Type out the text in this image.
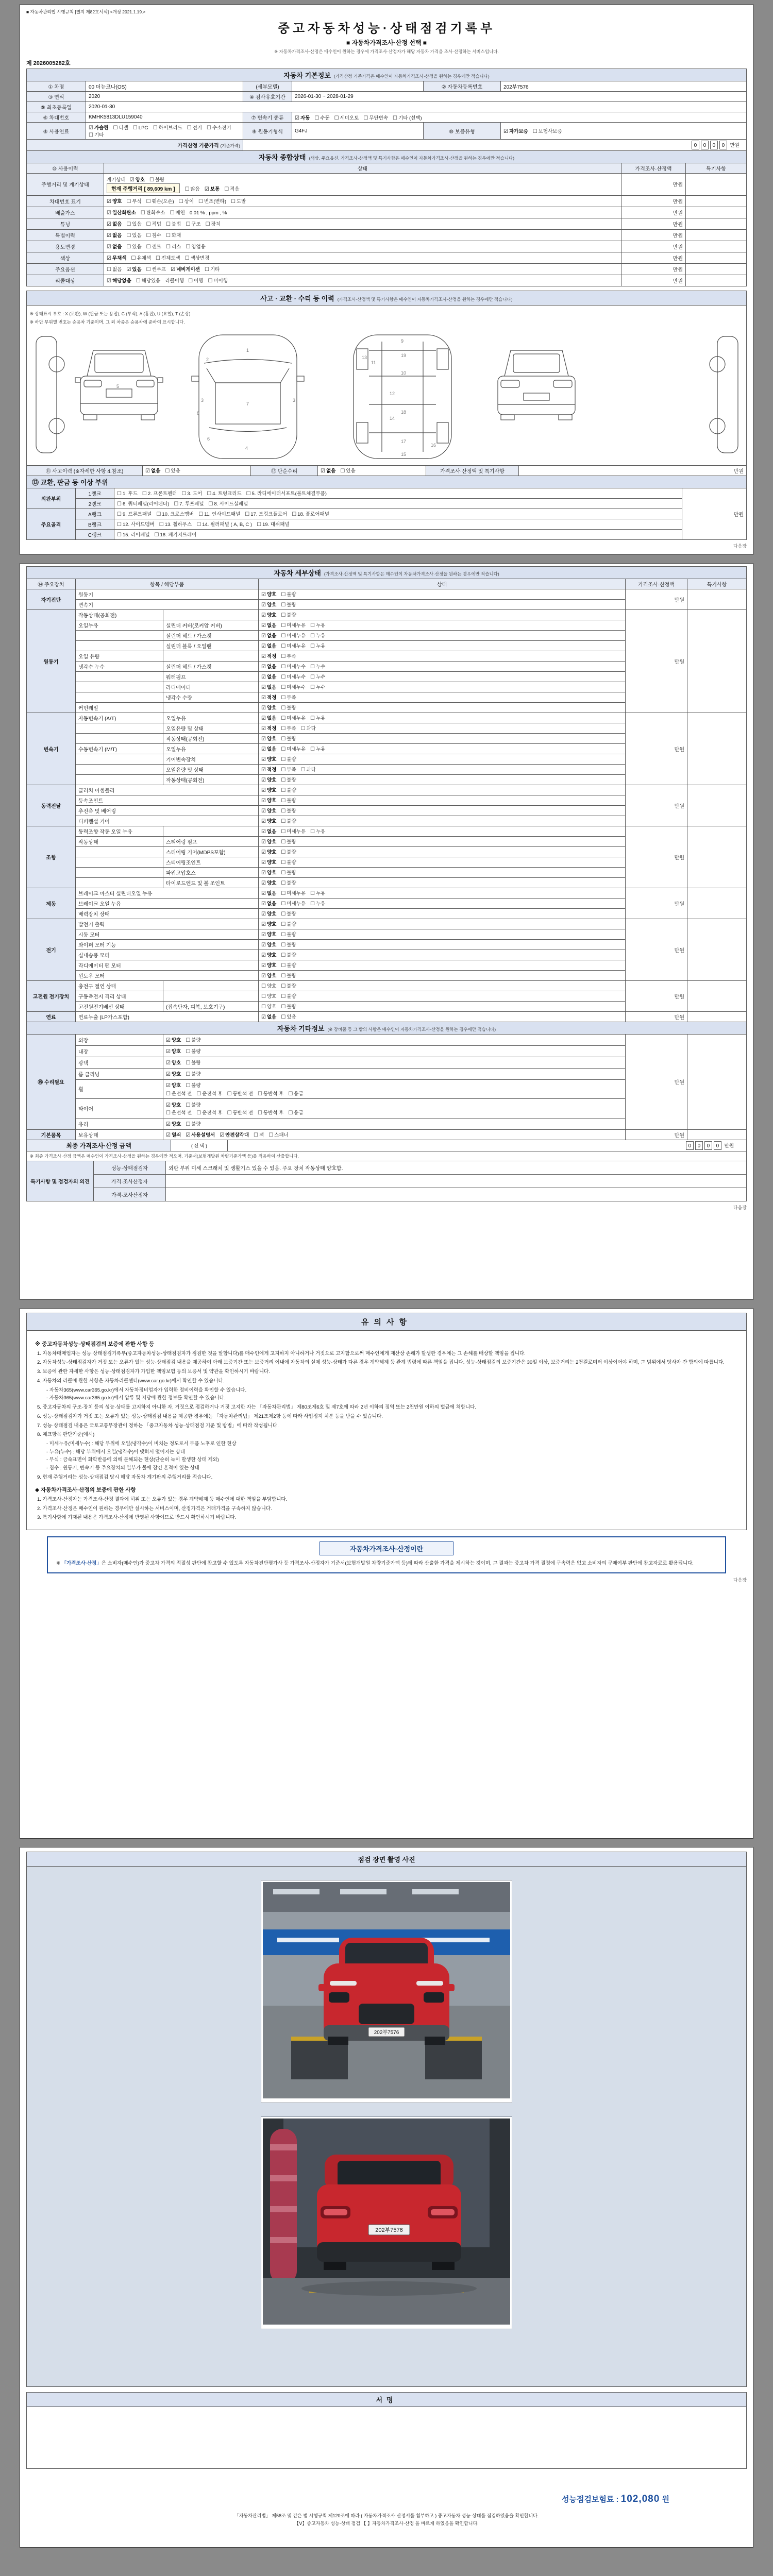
■ 자동차관리법 시행규칙 [별지 제82호서식] <개정 2021.1.19.>
중고자동차성능·상태점검기록부
■ 자동차가격조사·산정 선택 ■
※ 자동차가격조사·산정은 매수인이 원하는 경우에 가격조사·산정자가 해당 자동차 가격을 조사·산정하는 서비스입니다.
제 2026005282호
자동차 기본정보 (가격산정 기준가격은 매수인이 자동차가격조사·산정을 원하는 경우에만 적습니다)					
① 차명	00 더뉴코나(OS)	(세부모델)		② 자동차등록번호	202부7576
③ 연식	2020	④ 검사유효기간	2026-01-30 ~ 2028-01-29		
⑤ 최초등록일	2020-01-30				
⑥ 차대번호	KMHK5813DLU159040	⑦ 변속기 종류	☑ 자동 ☐ 수동 ☐ 세미오토 ☐ 무단변속 ☐ 기타 (선택)		
⑧ 사용연료	☑ 가솔린 ☐ 디젤 ☐ LPG ☐ 하이브리드 ☐ 전기 ☐ 수소전기☐ 기타	⑨ 원동기형식	G4FJ	⑩ 보증유형	☑ 자가보증 ☐ 보험사보증
가격산정 기준가격 (기준가격)		0 0 0 0 만원			
자동차 종합상태 (색상, 주요옵션, 가격조사·산정액 및 특기사항은 매수인이 자동차가격조사·산정을 원하는 경우에만 적습니다)			
⑩ 사용이력	상태	가격조사·산정액	특기사항
주행거리 및 계기상태	계기상태 ☑ 양호 ☐ 불량
현재 주행거리 [ 89,609 km ] ☐ 많음 ☑ 보통 ☐ 적음	만원	
차대번호 표기	☑ 양호 ☐ 부식 ☐ 훼손(오손) ☐ 상이 ☐ 변조(변타) ☐ 도말	만원	
배출가스	☑ 일산화탄소 ☐ 탄화수소 ☐ 매연 0.01 % , ppm , %	만원	
튜닝	☑ 없음 ☐ 있음 ☐ 적법 ☐ 불법 ☐ 구조 ☐ 장치	만원	
특별이력	☑ 없음 ☐ 있음 ☐ 침수 ☐ 화재	만원	
용도변경	☑ 없음 ☐ 있음 ☐ 렌트 ☐ 리스 ☐ 영업용	만원	
색상	☑ 무채색 ☐ 유채색 ☐ 전체도색 ☐ 색상변경	만원	
주요옵션	☐ 없음 ☑ 있음 ☐ 썬루프 ☑ 네비게이션 ☐ 기타	만원	
리콜대상	☑ 해당없음 ☐ 해당있음 리콜이행 ☐ 이행 ☐ 미이행	만원	
사고 · 교환 · 수리 등 이력 (가격조사·산정액 및 특기사항은 매수인이 자동차가격조사·산정을 원하는 경우에만 적습니다)
※ 상태표시 부호 : X (교환), W (판금 또는 용접), C (부식), A (흠집), U (요철), T (손상)
※ 하단 부위별 번호는 승용차 기준이며, 그 외 차종은 승용차에 준하여 표시합니다.
1
2
3	3
4
5
6
7
8
9
10
11
12
13
14
15
16
17
18
19
⑪ 사고이력 (※자세한 사항 4.참조)	☑ 없음 ☐ 있음	⑫ 단순수리	☑ 없음 ☐ 있음	가격조사·산정액 및 특기사항	만원
⑬ 교환, 판금 등 이상 부위			
외판부위	1랭크	☐ 1. 후드 ☐ 2. 프론트펜더 ☐ 3. 도어 ☐ 4. 트렁크리드 ☐ 5. 라디에이터서포트(볼트체결부품)	만원
	2랭크	☐ 6. 쿼터패널(리어펜더) ☐ 7. 루프패널 ☐ 8. 사이드실패널	
주요골격	A랭크	☐ 9. 프론트패널 ☐ 10. 크로스멤버 ☐ 11. 인사이드패널 ☐ 17. 트렁크플로어 ☐ 18. 플로어패널	
	B랭크	☐ 12. 사이드멤버 ☐ 13. 휠하우스 ☐ 14. 필러패널 ( A, B, C ) ☐ 19. 대쉬패널	
	C랭크	☐ 15. 리어패널 ☐ 16. 패키지트레이	
다음장
자동차 세부상태 (가격조사·산정액 및 특기사항은 매수인이 자동차가격조사·산정을 원하는 경우에만 적습니다)					
⑭ 주요장치	항목 / 해당부품		상태	가격조사·산정액	특기사항
자기진단	원동기		☑ 양호 ☐ 불량	만원	
	변속기		☑ 양호 ☐ 불량		
원동기	작동상태(공회전)		☑ 양호 ☐ 불량	만원	
	오일누유	실린더 커버(로커암 커버)	☑ 없음 ☐ 미세누유 ☐ 누유		
		실린더 헤드 / 가스켓	☑ 없음 ☐ 미세누유 ☐ 누유		
		실린더 블록 / 오일팬	☑ 없음 ☐ 미세누유 ☐ 누유		
	오일 유량		☑ 적정 ☐ 부족		
	냉각수 누수	실린더 헤드 / 가스켓	☑ 없음 ☐ 미세누수 ☐ 누수		
		워터펌프	☑ 없음 ☐ 미세누수 ☐ 누수		
		라디에이터	☑ 없음 ☐ 미세누수 ☐ 누수		
		냉각수 수량	☑ 적정 ☐ 부족		
	커먼레일		☑ 양호 ☐ 불량		
변속기	자동변속기 (A/T)	오일누유	☑ 없음 ☐ 미세누유 ☐ 누유	만원	
		오일유량 및 상태	☑ 적정 ☐ 부족 ☐ 과다		
		작동상태(공회전)	☑ 양호 ☐ 불량		
	수동변속기 (M/T)	오일누유	☑ 없음 ☐ 미세누유 ☐ 누유		
		기어변속장치	☑ 양호 ☐ 불량		
		오일유량 및 상태	☑ 적정 ☐ 부족 ☐ 과다		
		작동상태(공회전)	☑ 양호 ☐ 불량		
동력전달	클러치 어셈블리		☑ 양호 ☐ 불량	만원	
	등속조인트		☑ 양호 ☐ 불량		
	추진축 및 베어링		☑ 양호 ☐ 불량		
	디퍼렌셜 기어		☑ 양호 ☐ 불량		
조향	동력조향 작동 오일 누유		☑ 없음 ☐ 미세누유 ☐ 누유	만원	
	작동상태	스티어링 펌프	☑ 양호 ☐ 불량		
		스티어링 기어(MDPS포함)	☑ 양호 ☐ 불량		
		스티어링조인트	☑ 양호 ☐ 불량		
		파워고압호스	☑ 양호 ☐ 불량		
		타이로드엔드 및 볼 조인트	☑ 양호 ☐ 불량		
제동	브레이크 마스터 실린더오일 누유		☑ 없음 ☐ 미세누유 ☐ 누유	만원	
	브레이크 오일 누유		☑ 없음 ☐ 미세누유 ☐ 누유		
	배력장치 상태		☑ 양호 ☐ 불량		
전기	발전기 출력		☑ 양호 ☐ 불량	만원	
	시동 모터		☑ 양호 ☐ 불량		
	와이퍼 모터 기능		☑ 양호 ☐ 불량		
	실내송풍 모터		☑ 양호 ☐ 불량		
	라디에이터 팬 모터		☑ 양호 ☐ 불량		
	윈도우 모터		☑ 양호 ☐ 불량		
고전원 전기장치	충전구 절연 상태		☐ 양호 ☐ 불량	만원	
	구동축전지 격리 상태		☐ 양호 ☐ 불량		
	고전원전기배선 상태	(접속단자, 피복, 보호기구)	☐ 양호 ☐ 불량		
연료	연료누출 (LP가스포함)		☑ 없음 ☐ 있음	만원	
자동차 기타정보 (※ 장비품 등 그 밖의 사항은 매수인이 자동차가격조사·산정을 원하는 경우에만 적습니다)				
⑮ 수리필요	외장	☑ 양호 ☐ 불량	만원	
	내장	☑ 양호 ☐ 불량		

	광택	☑ 양호 ☐ 불량		

	룸 클리닝	☑ 양호 ☐ 불량		

	휠	☑ 양호 ☐ 불량
☐ 운전석 전 ☐ 운전석 후 ☐ 동반석 전 ☐ 동반석 후 ☐ 응급		

	타이어	☑ 양호 ☐ 불량
☐ 운전석 전 ☐ 운전석 후 ☐ 동반석 전 ☐ 동반석 후 ☐ 응급		

	유리	☑ 양호 ☐ 불량		

기본품목	보유상태	☑ 열쇠 ☑ 사용설명서 ☑ 안전삼각대 ☐ 잭 ☐ 스패너	만원	
최종 가격조사·산정 금액	( 선 택 )	0 0 0 0 만원
※ 최종 가격조사·산정 금액은 매수인이 가격조사·산정을 원하는 경우에만 적으며, 기준서(보험개발원 차량기준가액 등)를 적용하여 산출합니다.
특기사항 및 점검자의 의견	성능·상태점검자	외판 부위 미세 스크래치 및 생활기스 있을 수 있음. 주요 장치 작동상태 양호함.
	가격·조사산정자	
	가격·조사산정자	
다음장
유의사항
※ 중고자동차성능·상태점검의 보증에 관한 사항 등

1. 자동차매매업자는 성능·상태점검기록부(중고자동차성능·상태점검자가 점검한 것을 말합니다)를 매수인에게 고지하지 아니하거나 거짓으로 고지함으로써 매수인에게 재산상 손해가 발생한 경우에는 그 손해를 배상할 책임을 집니다.

2. 자동차성능·상태점검자가 거짓 또는 오류가 있는 성능·상태점검 내용을 제공하여 아래 보증기간 또는 보증거리 이내에 자동차의 실제 성능·상태가 다른 경우 계약해제 등 관계 법령에 따른 책임을 집니다. 성능·상태점검의 보증기간은 30일 이상, 보증거리는 2천킬로미터 이상이어야 하며, 그 범위에서 당사자 간 합의에 따릅니다.

3. 보증에 관한 자세한 사항은 성능·상태점검자가 가입한 책임보험 등의 보증서 및 약관을 확인하시기 바랍니다.

4. 자동차의 리콜에 관한 사항은 자동차리콜센터(www.car.go.kr)에서 확인할 수 있습니다.

- 자동차365(www.car365.go.kr)에서 자동차정비업자가 입력한 정비이력을 확인할 수 있습니다.

- 자동차365(www.car365.go.kr)에서 압류 및 저당에 관한 정보를 확인할 수 있습니다.

5. 중고자동차의 구조·장치 등의 성능·상태를 고지하지 아니한 자, 거짓으로 점검하거나 거짓 고지한 자는 「자동차관리법」 제80조제6호 및 제7호에 따라 2년 이하의 징역 또는 2천만원 이하의 벌금에 처합니다.

6. 성능·상태점검자가 거짓 또는 오류가 있는 성능·상태점검 내용을 제공한 경우에는 「자동차관리법」 제21조제2항 등에 따라 사업정지 처분 등을 받을 수 있습니다.

7. 성능·상태점검 내용은 국토교통부장관이 정하는 「중고자동차 성능·상태점검 기준 및 방법」에 따라 작성됩니다.

8. 체크항목 판단기준(예시)

- 미세누유(미세누수) : 해당 부위에 오일(냉각수)이 비치는 정도로서 부품 노후로 인한 현상

- 누유(누수) : 해당 부위에서 오일(냉각수)이 맺혀서 떨어지는 상태

- 부식 : 금속표면이 화학반응에 의해 분해되는 현상(단순히 녹이 발생한 상태 제외)

- 침수 : 원동기, 변속기 등 주요장치의 일부가 물에 잠긴 흔적이 있는 상태

9. 현재 주행거리는 성능·상태점검 당시 해당 자동차 계기판의 주행거리를 적습니다.

◆ 자동차가격조사·산정의 보증에 관한 사항

1. 가격조사·산정자는 가격조사·산정 결과에 허위 또는 오류가 있는 경우 계약해제 등 매수인에 대한 책임을 부담합니다.

2. 가격조사·산정은 매수인이 원하는 경우에만 실시하는 서비스이며, 산정가격은 거래가격을 구속하지 않습니다.

3. 특기사항에 기재된 내용은 가격조사·산정에 반영된 사항이므로 반드시 확인하시기 바랍니다.

자동차가격조사·산정이란
※ 「가격조사·산정」은 소비자(매수인)가 중고차 가격의 적절성 판단에 참고할 수 있도록 자동차진단평가사 등 가격조사·산정자가 기준서(보험개발원 차량기준가액 등)에 따라 산출한 가격을 제시하는 것이며, 그 결과는 중고차 가격 결정에 구속력은 없고 소비자의 구매여부 판단에 참고자료로 활용됩니다.
다음장
점검 장면 촬영 사진
202부7576
202부7576
서명
성능점검보험료 : 102,080 원
「자동차관리법」 제58조 및 같은 법 시행규칙 제120조에 따라 ( 자동차가격조사·산정서를 첨부하고 ) 중고자동차 성능·상태를 점검하였음을 확인합니다.
【Ⅴ】중고자동차 성능·상태 점검 【 】자동차가격조사·산정 을 바르게 하였음을 확인합니다.
